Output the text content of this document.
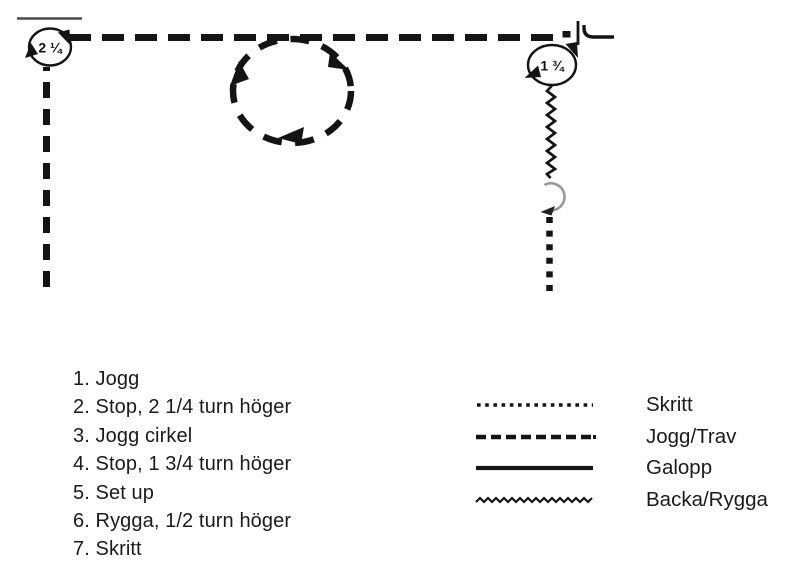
2 ¼
1 ¾
1. Jogg
2. Stop, 2 1/4 turn höger
3. Jogg cirkel
4. Stop, 1 3/4 turn höger
5. Set up
6. Rygga, 1/2 turn höger
7. Skritt
Skritt
Jogg/Trav
Galopp
Backa/Rygga
